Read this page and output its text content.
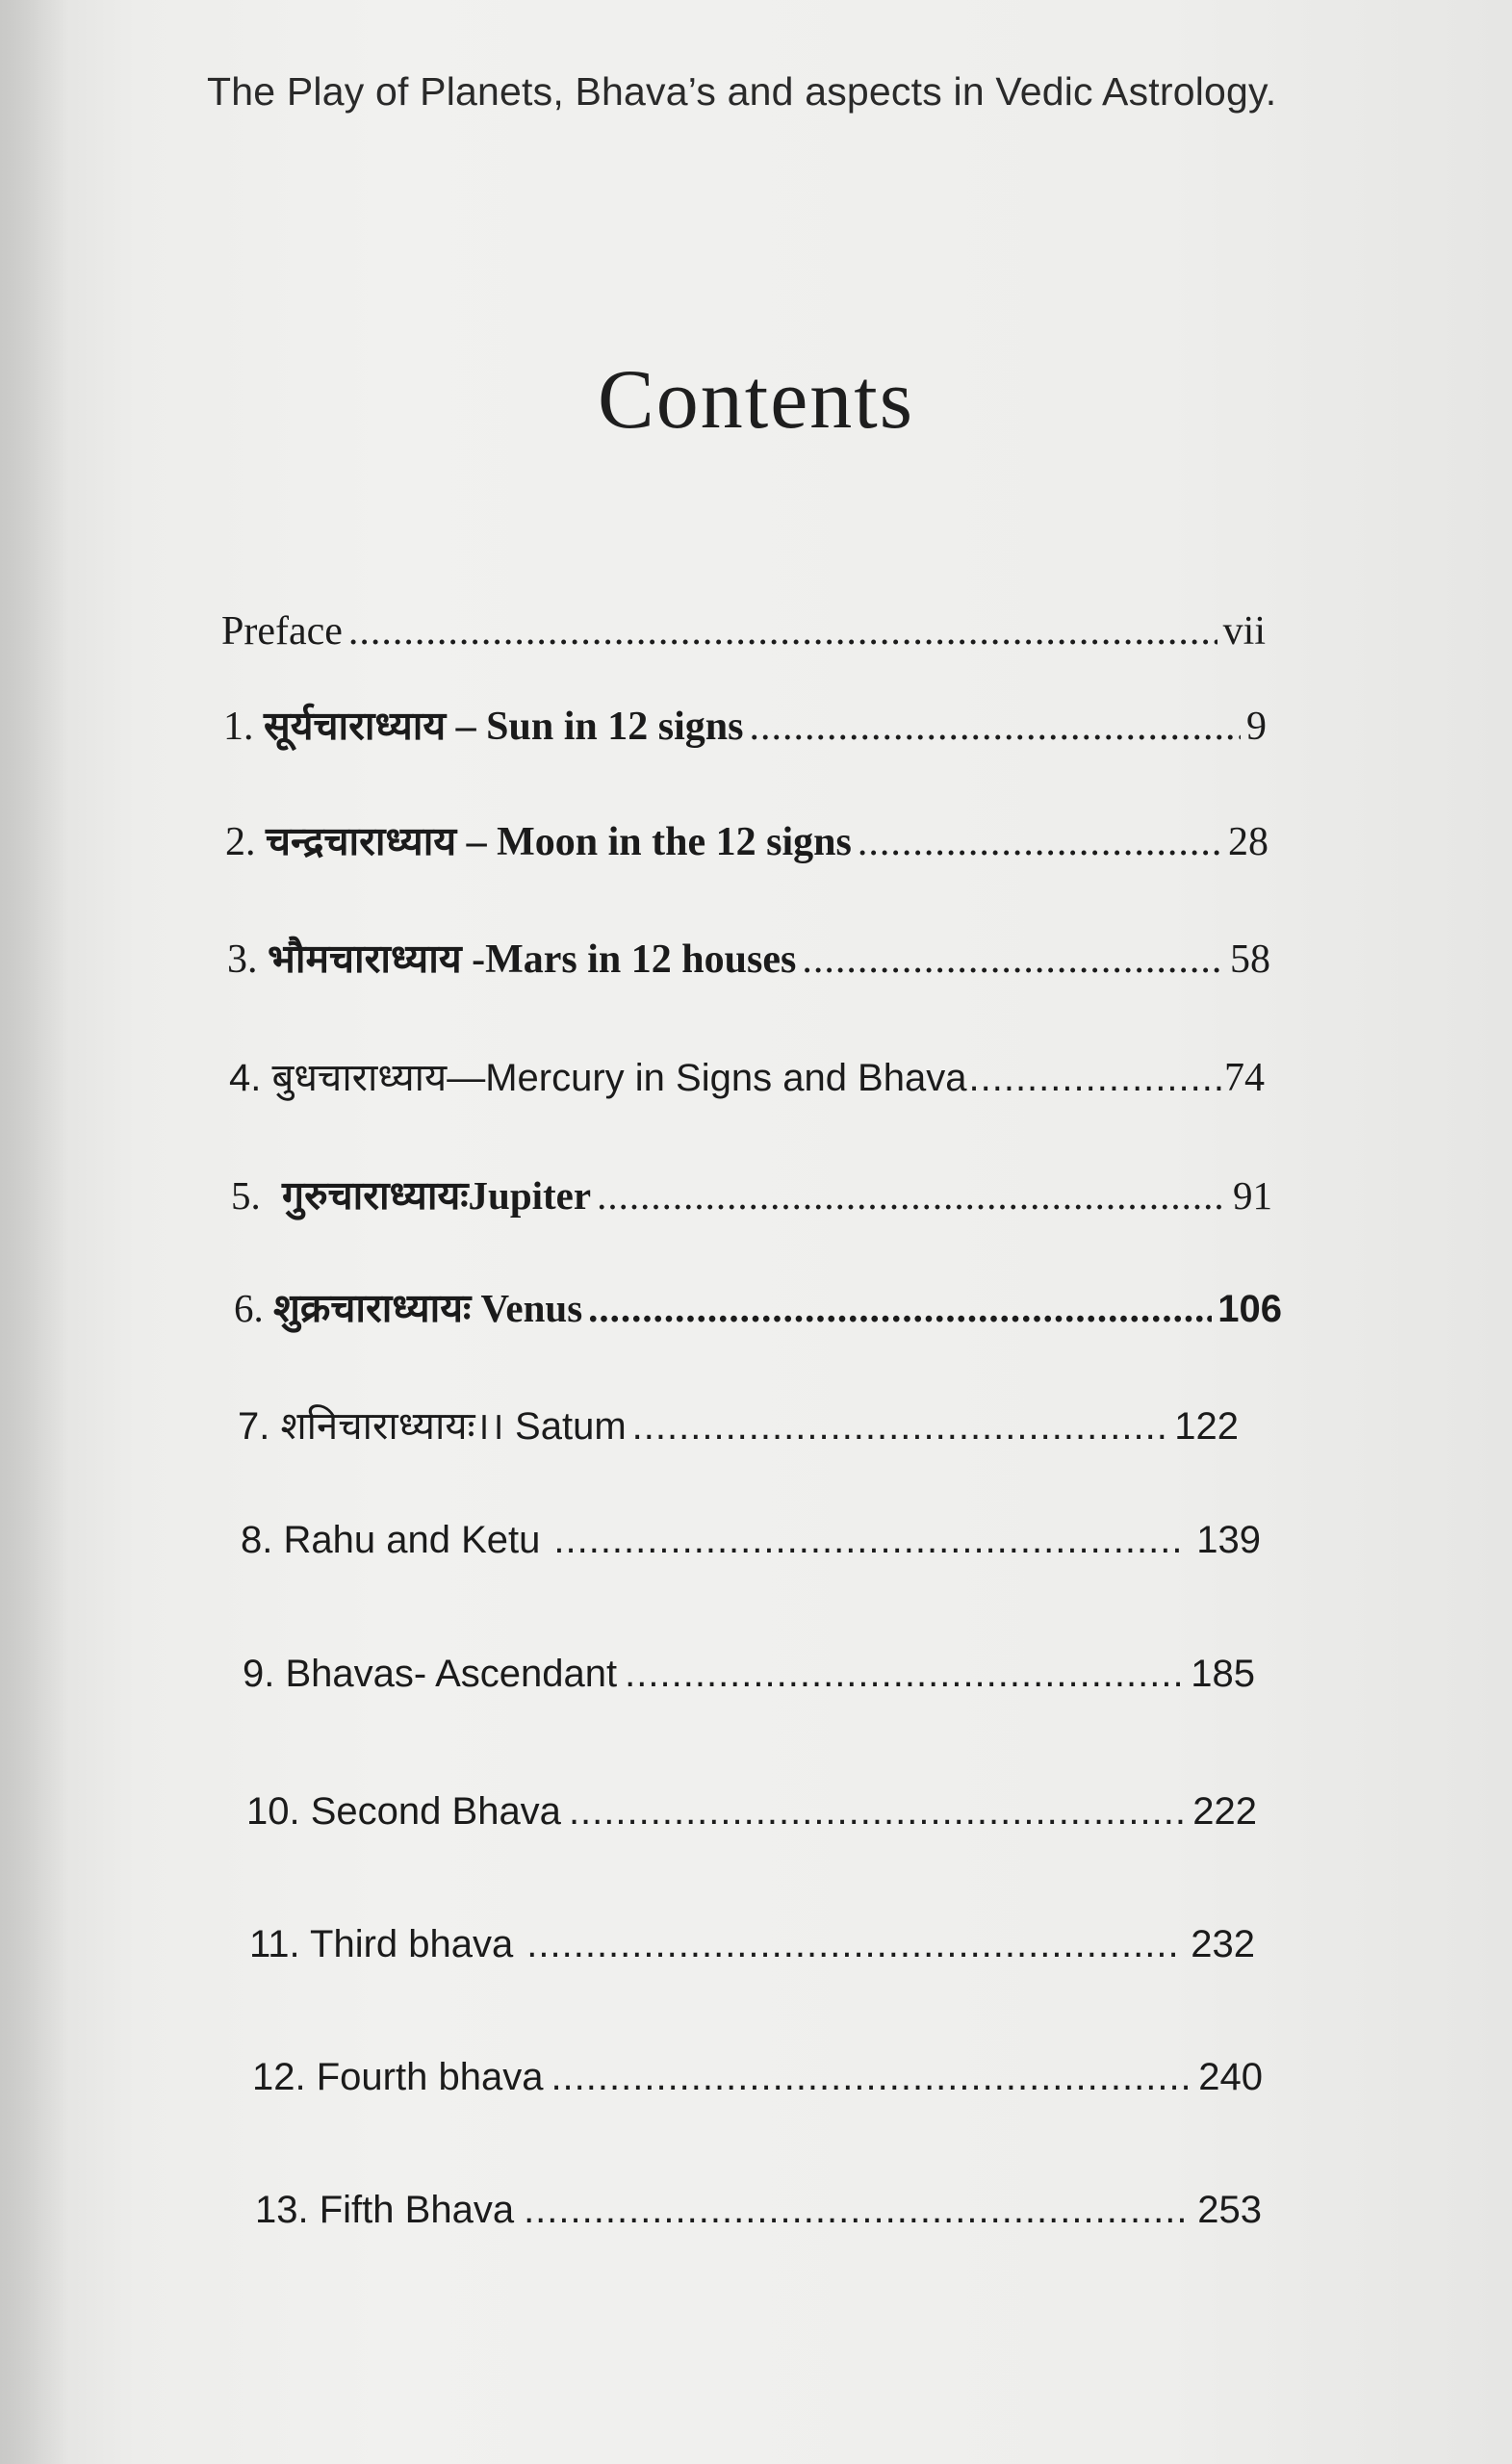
The Play of Planets, Bhava’s and aspects in Vedic Astrology.
Contents
Preface .....	vii
1. सूर्यचाराध्याय – Sun in 12 signs .....	9
2. चन्द्रचाराध्याय – Moon in the 12 signs .....	28
3. भौमचाराध्याय -Mars in 12 houses .....	58
4. बुधचाराध्याय—Mercury in Signs and Bhava .....	74
5. गुरुचाराध्यायःJupiter .....	91
6. शुक्रचाराध्यायः Venus .....	106
7. शनिचाराध्यायः।। Satum .....	122
8. Rahu and Ketu .....	139
9. Bhavas- Ascendant .....	185
10. Second Bhava .....	222
11. Third bhava .....	232
12. Fourth bhava .....	240
13. Fifth Bhava .....	253
